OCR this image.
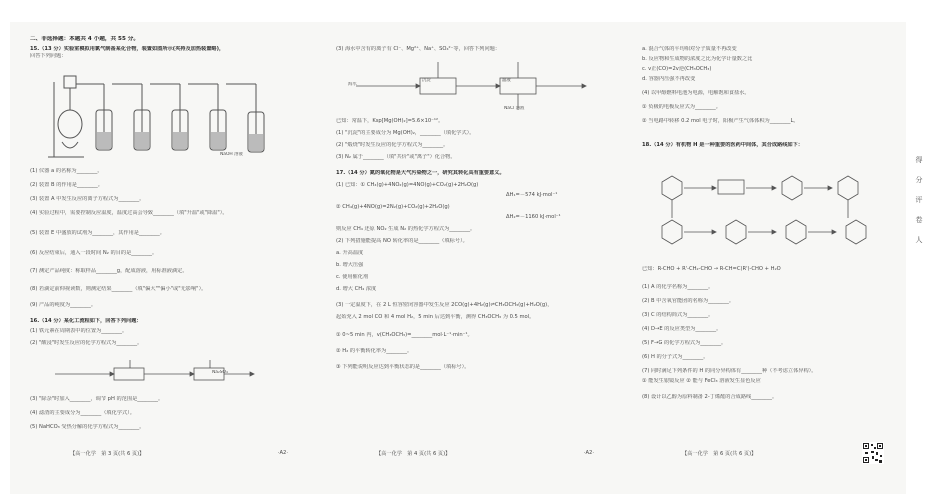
二、非选择题：本题共 4 小题，共 55 分。
15.（13 分）实验室模拟用氯气制备某化合物，装置如图所示(夹持及加热装置略)，
回答下列问题：
NaOH 溶液
(1) 仪器 a 的名称为________。
(2) 装置 B 的作用是________。
(3) 装置 A 中发生反应的离子方程式为________。
(4) 实验过程中，需要控制反应温度，温度过高会导致________（填"升温"或"降温"）。
(5) 装置 E 中盛放的试剂为________，其作用是________。
(6) 反应结束后，通入一段时间 N₂ 的目的是________。
(7) 测定产品纯度：称取样品________g，配成溶液，用标准液滴定。
(8) 若滴定前仰视读数，则测定结果________（填"偏大""偏小"或"无影响"）。
(9) 产品的纯度为________。
16.（14 分）某化工流程如下，回答下列问题：
(1) 铁元素在周期表中的位置为________。
(2) "酸浸"时发生反应的化学方程式为________。
Na₂SO₄
(3) "除杂"时加入________，调节 pH 的范围是________。
(4) 滤渣的主要成分为________（填化学式）。
(5) NaHCO₃ 受热分解的化学方程式为________。
【高一化学　第 3 页(共 6 页)】	·A2·
(3) 海水中含有的离子有 Cl⁻、Mg²⁺、Na⁺、SO₄²⁻等，回答下列问题：
海水
沉淀	滤液
NaCl 溶液
已知：常温下，Ksp[Mg(OH)₂]=5.6×10⁻¹²。
(1) "沉淀"的主要成分为 Mg(OH)₂，________（填化学式）。
(2) "煅烧"时发生反应的化学方程式为________。
(3) N₂ 属于________（填"共价"或"离子"）化合物。
17.（14 分）氮的氧化物是大气污染物之一，研究其转化具有重要意义。
(1) 已知：① CH₄(g)+4NO₂(g)=4NO(g)+CO₂(g)+2H₂O(g)
ΔH₁=－574 kJ·mol⁻¹
② CH₄(g)+4NO(g)=2N₂(g)+CO₂(g)+2H₂O(g)
ΔH₂=－1160 kJ·mol⁻¹
则反应 CH₄ 还原 NO₂ 生成 N₂ 的热化学方程式为________。
(2) 下列措施能提高 NO 转化率的是________（填标号）。
a. 升高温度
b. 增大压强
c. 使用催化剂
d. 增大 CH₄ 浓度
(3) 一定温度下，在 2 L 恒容密闭容器中发生反应 2CO(g)+4H₂(g)⇌CH₃OCH₃(g)+H₂O(g)，
起始充入 2 mol CO 和 4 mol H₂，5 min 后达到平衡，测得 CH₃OCH₃ 为 0.5 mol。
① 0~5 min 内，v(CH₃OCH₃)=________mol·L⁻¹·min⁻¹。
② H₂ 的平衡转化率为________。
③ 下列能说明反应达到平衡状态的是________（填标号）。
【高一化学　第 4 页(共 6 页)】	·A2·
a. 混合气体的平均相对分子质量不再改变
b. 反应物和生成物的浓度之比为化学计量数之比
c. v正(CO)=2v逆(CH₃OCH₃)
d. 容器内压强不再改变
(4) 以甲醇燃料电池为电源，电解饱和食盐水。
① 负极的电极反应式为________。
② 当电路中转移 0.2 mol 电子时，阳极产生气体体积为________L。
18.（14 分）有机物 H 是一种重要的医药中间体，其合成路线如下：
已知：R-CHO + R'-CH₂-CHO → R-CH=C(R')-CHO + H₂O
(1) A 的化学名称为________。
(2) B 中含氧官能团的名称为________。
(3) C 的结构简式为________。
(4) D→E 的反应类型为________。
(5) F→G 的化学方程式为________。
(6) H 的分子式为________。
(7) 同时满足下列条件的 H 的同分异构体有________种（不考虑立体异构）。
① 能发生银镜反应 ② 能与 FeCl₃ 溶液发生显色反应
(8) 设计以乙醇为原料制备 2-丁烯醛的合成路线________。
【高一化学　第 6 页(共 6 页)】
得
分
评
卷
人
